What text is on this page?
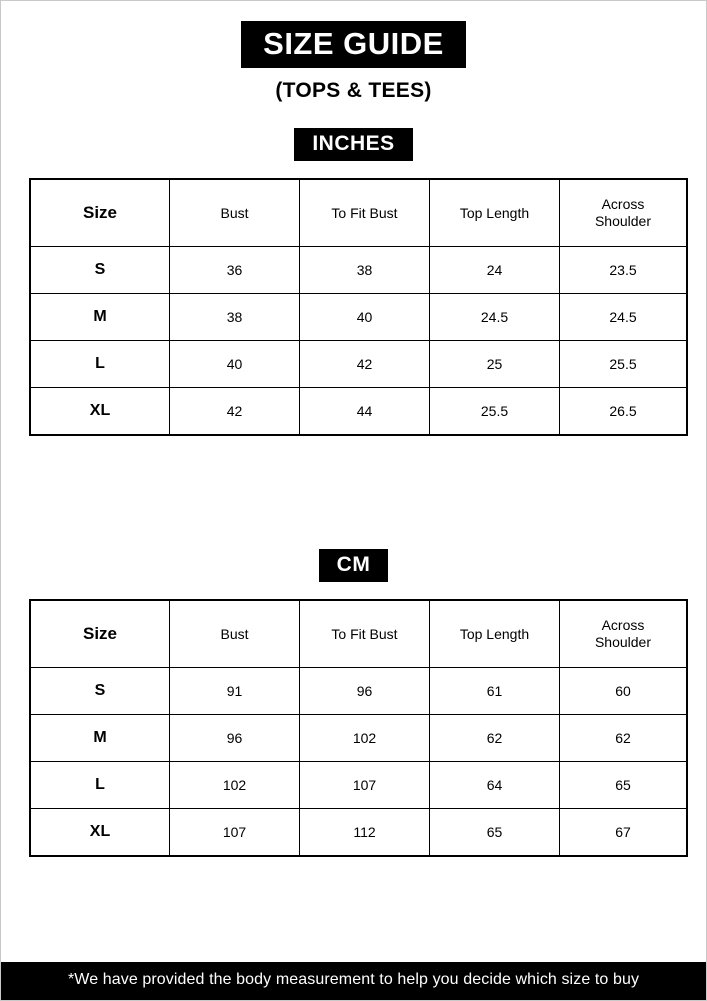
SIZE GUIDE
(TOPS & TEES)
INCHES
Size	Bust	To Fit Bust	Top Length	Across
Shoulder

S	36	38	24	23.5
M	38	40	24.5	24.5
L	40	42	25	25.5
XL	42	44	25.5	26.5
CM
Size	Bust	To Fit Bust	Top Length	Across
Shoulder

S	91	96	61	60
M	96	102	62	62
L	102	107	64	65
XL	107	112	65	67
*We have provided the body measurement to help you decide which size to buy
